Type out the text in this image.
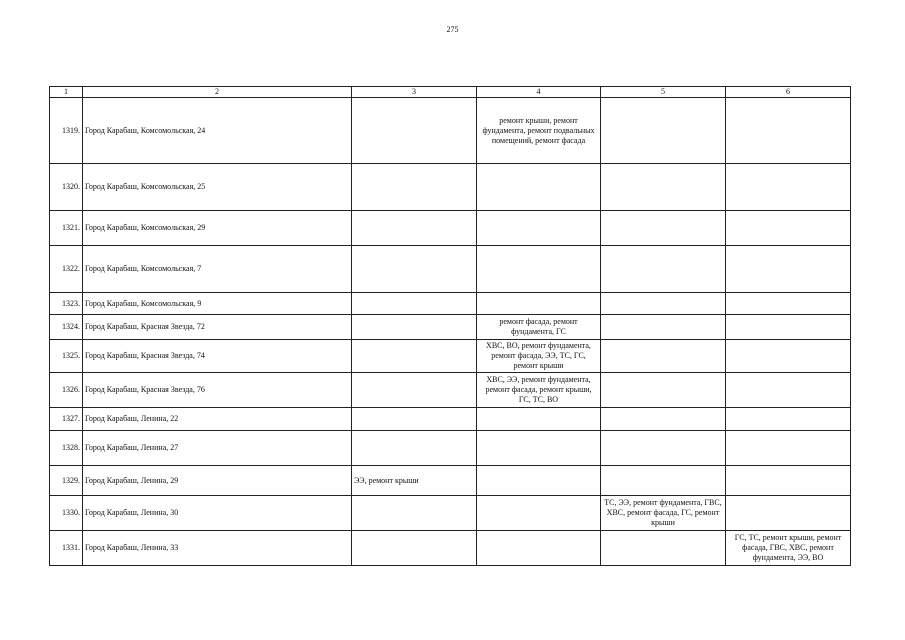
275
1	2	3	4	5	6
1319.	Город Карабаш, Комсомольская, 24		ремонт крыши, ремонт фундамента, ремонт подвальных помещений, ремонт фасада		
1320.	Город Карабаш, Комсомольская, 25				
1321.	Город Карабаш, Комсомольская, 29				
1322.	Город Карабаш, Комсомольская, 7				
1323.	Город Карабаш, Комсомольская, 9				
1324.	Город Карабаш, Красная Звезда, 72		ремонт фасада, ремонт фундамента, ГС		
1325.	Город Карабаш, Красная Звезда, 74		ХВС, ВО, ремонт фундамента, ремонт фасада, ЭЭ, ТС, ГС, ремонт крыши		
1326.	Город Карабаш, Красная Звезда, 76		ХВС, ЭЭ, ремонт фундамента, ремонт фасада, ремонт крыши, ГС, ТС, ВО		
1327.	Город Карабаш, Ленина, 22				
1328.	Город Карабаш, Ленина, 27				
1329.	Город Карабаш, Ленина, 29	ЭЭ, ремонт крыши			
1330.	Город Карабаш, Ленина, 30			ТС, ЭЭ, ремонт фундамента, ГВС, ХВС, ремонт фасада, ГС, ремонт крыши	
1331.	Город Карабаш, Ленина, 33				ГС, ТС, ремонт крыши, ремонт фасада, ГВС, ХВС, ремонт фундамента, ЭЭ, ВО
